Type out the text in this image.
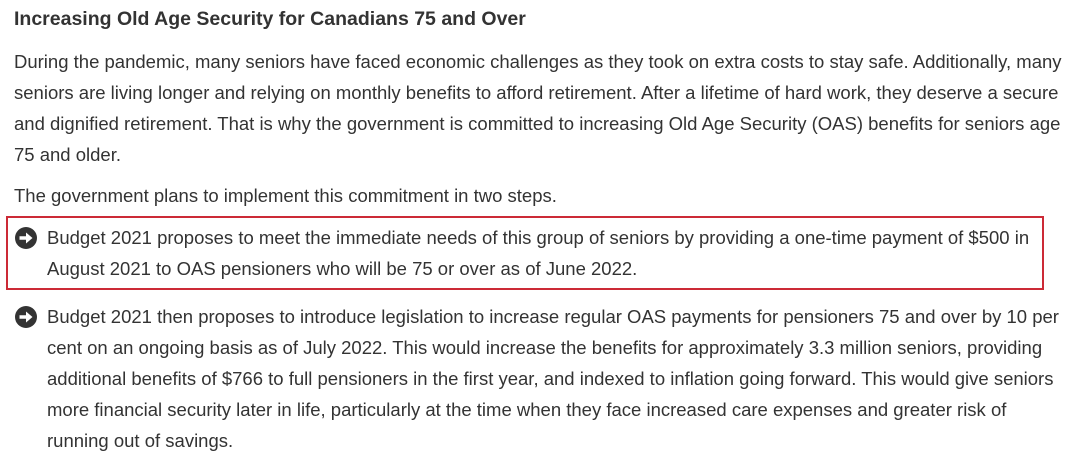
Increasing Old Age Security for Canadians 75 and Over

During the pandemic, many seniors have faced economic challenges as they took on extra costs to stay safe. Additionally, many seniors are living longer and relying on monthly benefits to afford retirement. After a lifetime of hard work, they deserve a secure and dignified retirement. That is why the government is committed to increasing Old Age Security (OAS) benefits for seniors age 75 and older.

The government plans to implement this commitment in two steps.

Budget 2021 proposes to meet the immediate needs of this group of seniors by providing a one-time payment of $500 in August 2021 to OAS pensioners who will be 75 or over as of June 2022.
Budget 2021 then proposes to introduce legislation to increase regular OAS payments for pensioners 75 and over by 10 per cent on an ongoing basis as of July 2022. This would increase the benefits for approximately 3.3 million seniors, providing additional benefits of $766 to full pensioners in the first year, and indexed to inflation going forward. This would give seniors more financial security later in life, particularly at the time when they face increased care expenses and greater risk of running out of savings.
